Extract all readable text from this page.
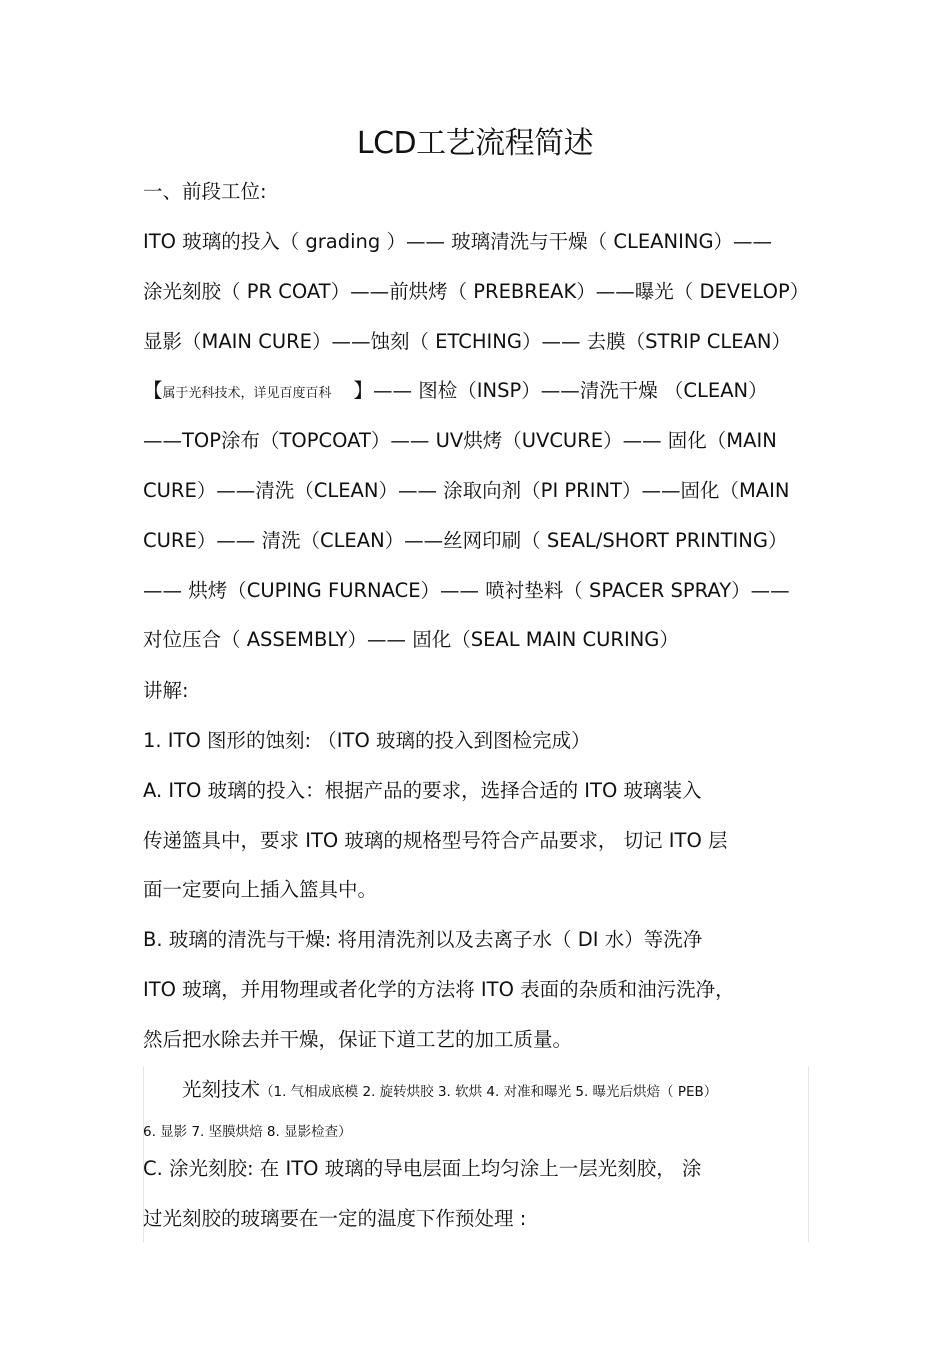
LCD工艺流程简述
一、前段工位:
ITO 玻璃的投入（ grading ）—— 玻璃清洗与干燥（ CLEANING）——
涂光刻胶（ PR COAT）——前烘烤（ PREBREAK）——曝光（ DEVELOP）
显影（MAIN CURE）——蚀刻（ ETCHING）—— 去膜（STRIP CLEAN）
【属于光科技术，详见百度百科 】—— 图检（INSP）——清洗干燥 （CLEAN）
——TOP涂布（TOPCOAT）—— UV烘烤（UVCURE）—— 固化（MAIN
CURE）——清洗（CLEAN）—— 涂取向剂（PI PRINT）——固化（MAIN
CURE）—— 清洗（CLEAN）——丝网印刷（ SEAL/SHORT PRINTING）
—— 烘烤（CUPING FURNACE）—— 喷衬垫料（ SPACER SPRAY）——
对位压合（ ASSEMBLY）—— 固化（SEAL MAIN CURING）
讲解:
1. ITO 图形的蚀刻: （ITO 玻璃的投入到图检完成）
A. ITO 玻璃的投入：根据产品的要求，选择合适的 ITO 玻璃装入
传递篮具中，要求 ITO 玻璃的规格型号符合产品要求， 切记 ITO 层
面一定要向上插入篮具中。
B. 玻璃的清洗与干燥: 将用清洗剂以及去离子水（ DI 水）等洗净
ITO 玻璃，并用物理或者化学的方法将 ITO 表面的杂质和油污洗净，
然后把水除去并干燥，保证下道工艺的加工质量。
光刻技术（1. 气相成底模 2. 旋转烘胶 3. 软烘 4. 对准和曝光 5. 曝光后烘焙（ PEB）
6. 显影 7. 坚膜烘焙 8. 显影检查）
C. 涂光刻胶: 在 ITO 玻璃的导电层面上均匀涂上一层光刻胶， 涂
过光刻胶的玻璃要在一定的温度下作预处理 :
